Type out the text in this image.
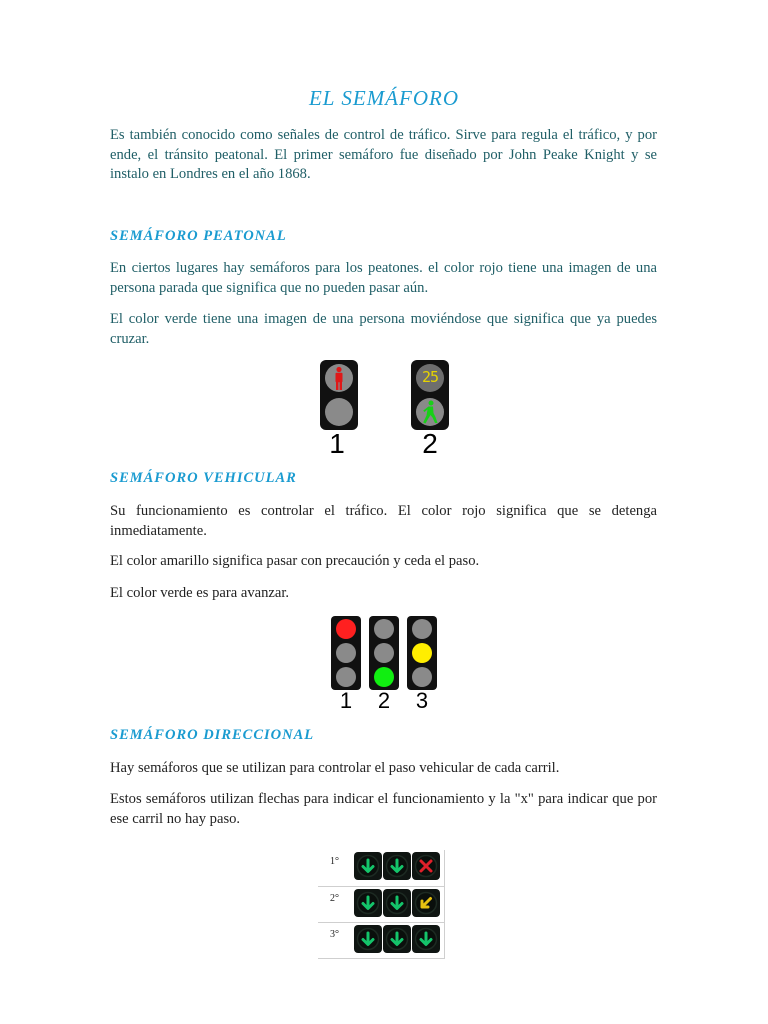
EL SEMÁFORO

Es también conocido como señales de control de tráfico. Sirve para regula el tráfico, y por ende, el tránsito peatonal. El primer semáforo fue diseñado por John Peake Knight y se instalo en Londres en el año 1868.

SEMÁFORO PEATONAL

En ciertos lugares hay semáforos para los peatones. el color rojo tiene una imagen de una persona parada que significa que no pueden pasar aún.

El color verde tiene una imagen de una persona moviéndose que significa que ya puedes cruzar.

1
25
2
SEMÁFORO VEHICULAR

Su funcionamiento es controlar el tráfico. El color rojo significa que se detenga inmediatamente.

El color amarillo significa pasar con precaución y ceda el paso.

El color verde es para avanzar.

1 2 3
SEMÁFORO DIRECCIONAL

Hay semáforos que se utilizan para controlar el paso vehicular de cada carril.

Estos semáforos utilizan flechas para indicar el funcionamiento y la "x" para indicar que por ese carril no hay paso.

1°
2°
3°
